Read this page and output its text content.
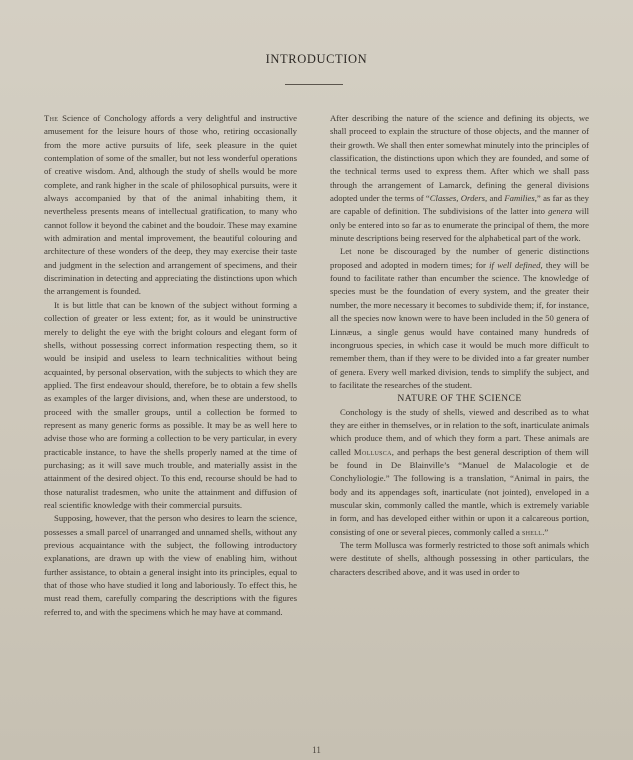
INTRODUCTION

The Science of Conchology affords a very delightful and instructive amusement for the leisure hours of those who, retiring occasionally from the more active pursuits of life, seek pleasure in the quiet contemplation of some of the smaller, but not less wonderful operations of creative wisdom. And, although the study of shells would be more complete, and rank higher in the scale of philosophical pursuits, were it always accompanied by that of the animal inhabiting them, it nevertheless presents means of intellectual gratification, to many who cannot follow it beyond the cabinet and the boudoir. These may examine with admiration and mental improvement, the beautiful colouring and architecture of these wonders of the deep, they may exercise their taste and judgment in the selection and arrangement of specimens, and their discrimination in detecting and appreciating the distinctions upon which the arrangement is founded.

It is but little that can be known of the subject without forming a collection of greater or less extent; for, as it would be uninstructive merely to delight the eye with the bright colours and elegant form of shells, without possessing correct information respecting them, so it would be insipid and useless to learn technicalities without being acquainted, by personal observation, with the subjects to which they are applied. The first endeavour should, therefore, be to obtain a few shells as examples of the larger divisions, and, when these are understood, to proceed with the smaller groups, until a collection be formed to represent as many generic forms as possible. It may be as well here to advise those who are forming a collection to be very particular, in every practicable instance, to have the shells properly named at the time of purchasing; as it will save much trouble, and materially assist in the attainment of the desired object. To this end, recourse should be had to those naturalist tradesmen, who unite the attainment and diffusion of real scientific knowledge with their commercial pursuits.

Supposing, however, that the person who desires to learn the science, possesses a small parcel of unarranged and unnamed shells, without any previous acquaintance with the subject, the following introductory explanations, are drawn up with the view of enabling him, without further assistance, to obtain a general insight into its principles, equal to that of those who have studied it long and laboriously. To effect this, he must read them, carefully comparing the descriptions with the figures referred to, and with the specimens which he may have at command.

After describing the nature of the science and defining its objects, we shall proceed to explain the structure of those objects, and the manner of their growth. We shall then enter somewhat minutely into the principles of classification, the distinctions upon which they are founded, and some of the technical terms used to express them. After which we shall pass through the arrangement of Lamarck, defining the general divisions adopted under the terms of “Classes, Orders, and Families,” as far as they are capable of definition. The subdivisions of the latter into genera will only be entered into so far as to enumerate the principal of them, the more minute descriptions being reserved for the alphabetical part of the work.

Let none be discouraged by the number of generic distinctions proposed and adopted in modern times; for if well defined, they will be found to facilitate rather than encumber the science. The knowledge of species must be the foundation of every system, and the greater their number, the more necessary it becomes to subdivide them; if, for instance, all the species now known were to have been included in the 50 genera of Linnæus, a single genus would have contained many hundreds of incongruous species, in which case it would be much more difficult to remember them, than if they were to be divided into a far greater number of genera. Every well marked division, tends to simplify the subject, and to facilitate the researches of the student.

NATURE OF THE SCIENCE

Conchology is the study of shells, viewed and described as to what they are either in themselves, or in relation to the soft, inarticulate animals which produce them, and of which they form a part. These animals are called Mollusca, and perhaps the best general description of them will be found in De Blainville’s “Manuel de Malacologie et de Conchyliologie.” The following is a translation, “Animal in pairs, the body and its appendages soft, inarticulate (not jointed), enveloped in a muscular skin, commonly called the mantle, which is extremely variable in form, and has developed either within or upon it a calcareous portion, consisting of one or several pieces, commonly called a shell.”

The term Mollusca was formerly restricted to those soft animals which were destitute of shells, although possessing in other particulars, the characters described above, and it was used in order to

11
